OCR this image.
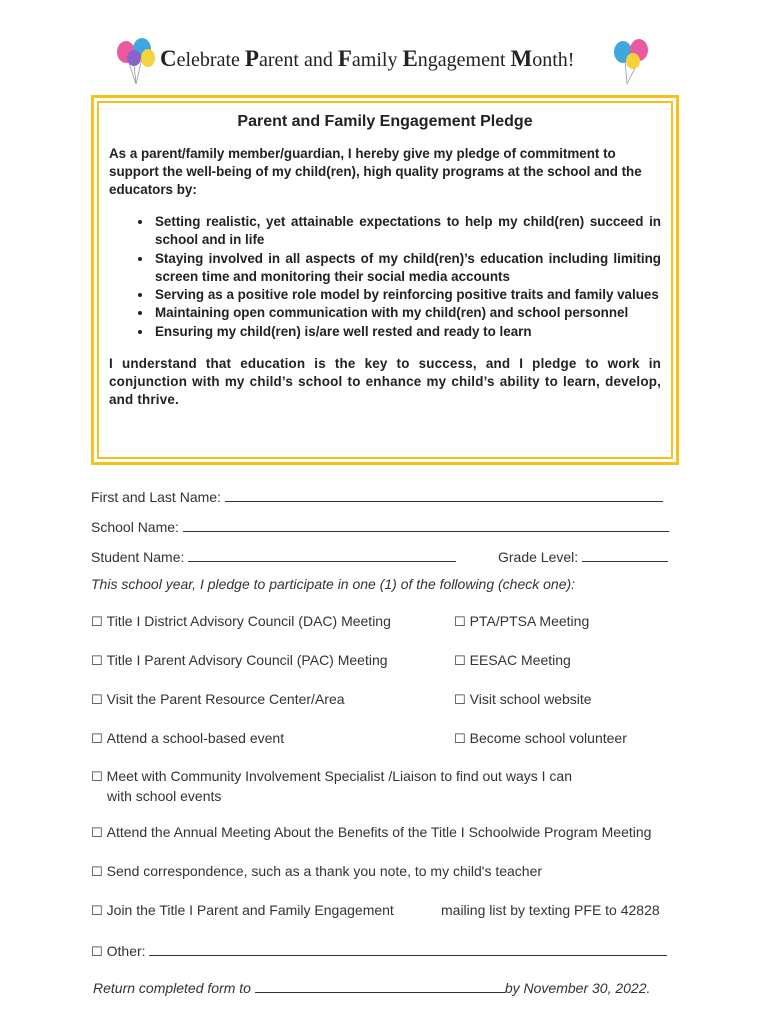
Celebrate Parent and Family Engagement Month!
Parent and Family Engagement Pledge

As a parent/family member/guardian, I hereby give my pledge of commitment to support the well-being of my child(ren), high quality programs at the school and the educators by:

• Setting realistic, yet attainable expectations to help my child(ren) succeed in school and in life
• Staying involved in all aspects of my child(ren)’s education including limiting screen time and monitoring their social media accounts
• Serving as a positive role model by reinforcing positive traits and family values
• Maintaining open communication with my child(ren) and school personnel
• Ensuring my child(ren) is/are well rested and ready to learn

I understand that education is the key to success, and I pledge to work in conjunction with my child’s school to enhance my child’s ability to learn, develop, and thrive.

First and Last Name:
School Name:
Student Name:	Grade Level:
This school year, I pledge to participate in one (1) of the following (check one):
☐ Title I District Advisory Council (DAC) Meeting	☐ PTA/PTSA Meeting
☐ Title I Parent Advisory Council (PAC) Meeting	☐ EESAC Meeting
☐ Visit the Parent Resource Center/Area	☐ Visit school website
☐ Attend a school-based event	☐ Become school volunteer
☐ Meet with Community Involvement Specialist /Liaison to find out ways I can
with school events
☐ Attend the Annual Meeting About the Benefits of the Title I Schoolwide Program Meeting
☐ Send correspondence, such as a thank you note, to my child's teacher
☐ Join the Title I Parent and Family Engagement	mailing list by texting PFE to 42828
☐ Other:
Return completed form to	by November 30, 2022.
